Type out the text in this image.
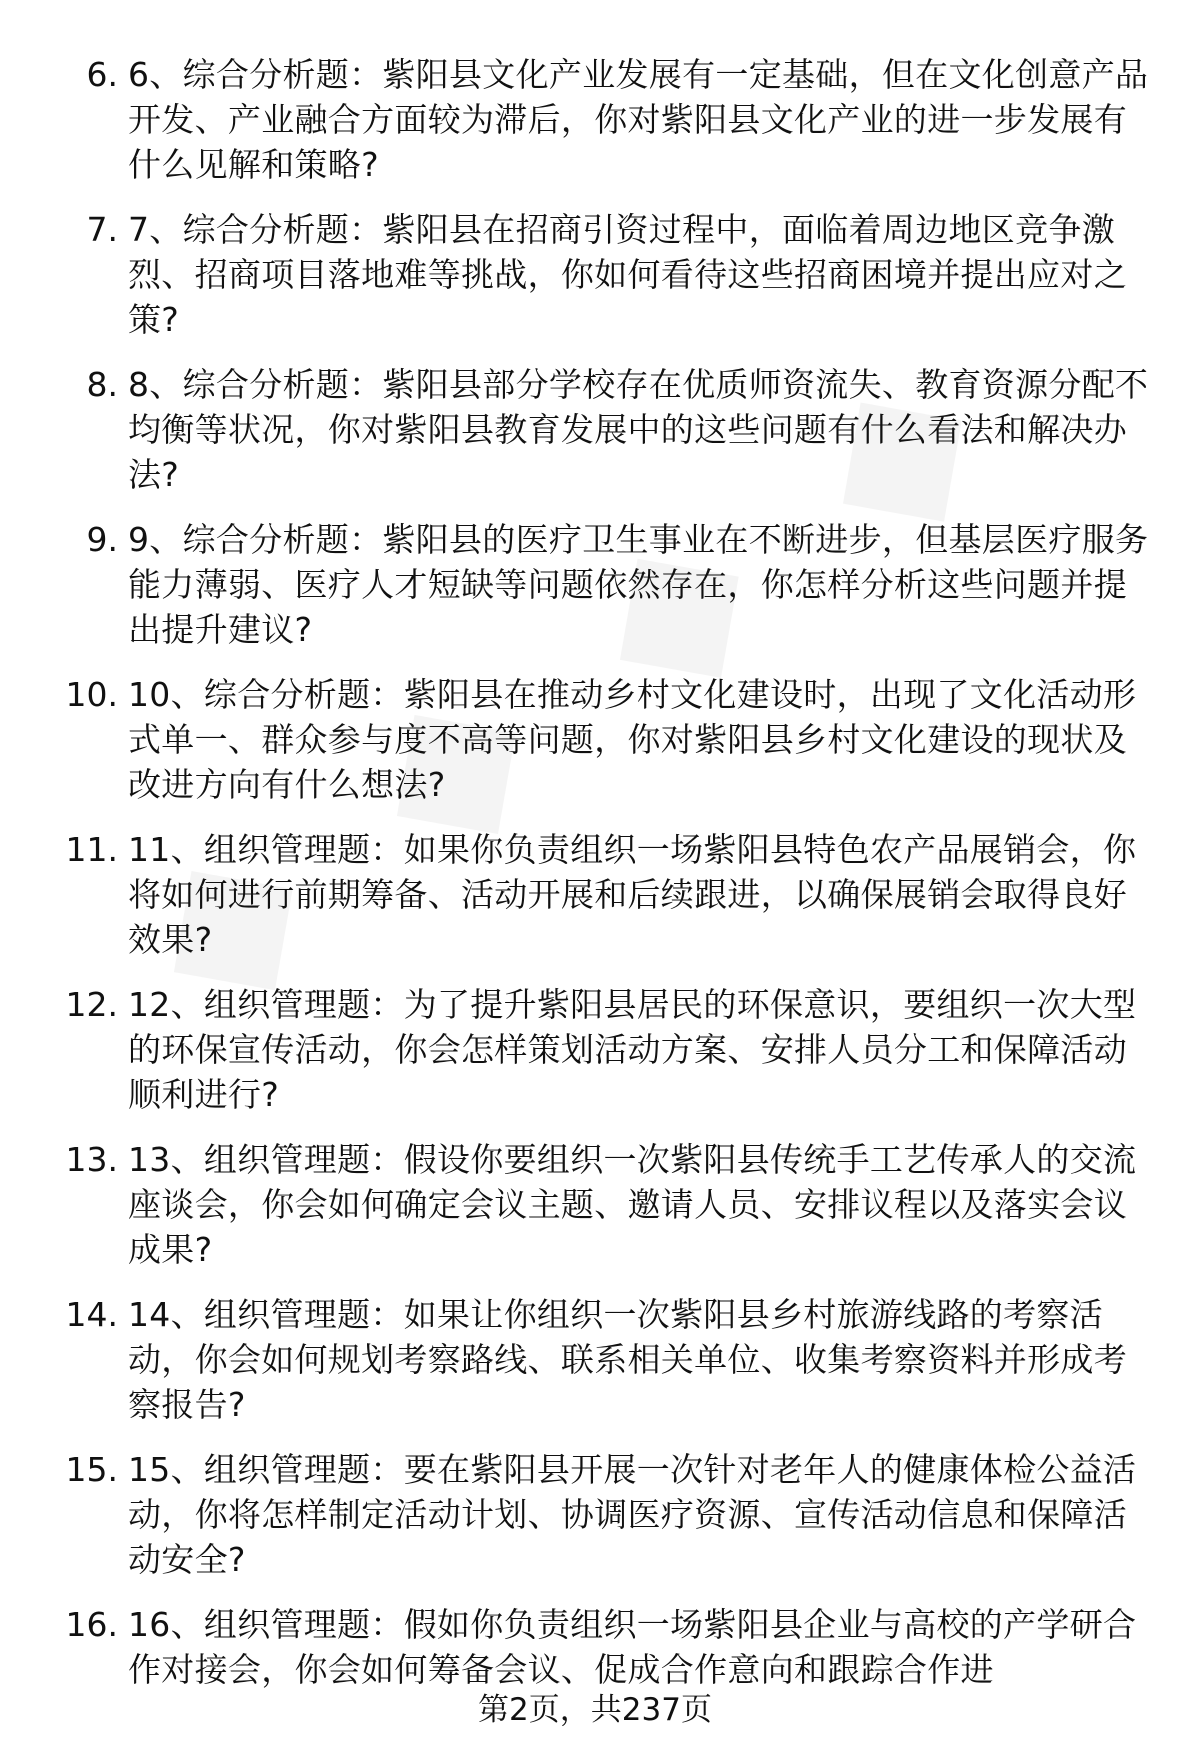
6. 6、综合分析题：紫阳县文化产业发展有一定基础，但在文化创意产品开发、产业融合方面较为滞后，你对紫阳县文化产业的进一步发展有什么见解和策略?
7. 7、综合分析题：紫阳县在招商引资过程中，面临着周边地区竞争激烈、招商项目落地难等挑战，你如何看待这些招商困境并提出应对之策?
8. 8、综合分析题：紫阳县部分学校存在优质师资流失、教育资源分配不均衡等状况，你对紫阳县教育发展中的这些问题有什么看法和解决办法?
9. 9、综合分析题：紫阳县的医疗卫生事业在不断进步，但基层医疗服务能力薄弱、医疗人才短缺等问题依然存在，你怎样分析这些问题并提出提升建议?
10. 10、综合分析题：紫阳县在推动乡村文化建设时，出现了文化活动形式单一、群众参与度不高等问题，你对紫阳县乡村文化建设的现状及改进方向有什么想法?
11. 11、组织管理题：如果你负责组织一场紫阳县特色农产品展销会，你将如何进行前期筹备、活动开展和后续跟进，以确保展销会取得良好效果?
12. 12、组织管理题：为了提升紫阳县居民的环保意识，要组织一次大型的环保宣传活动，你会怎样策划活动方案、安排人员分工和保障活动顺利进行?
13. 13、组织管理题：假设你要组织一次紫阳县传统手工艺传承人的交流座谈会，你会如何确定会议主题、邀请人员、安排议程以及落实会议成果?
14. 14、组织管理题：如果让你组织一次紫阳县乡村旅游线路的考察活动，你会如何规划考察路线、联系相关单位、收集考察资料并形成考察报告?
15. 15、组织管理题：要在紫阳县开展一次针对老年人的健康体检公益活动，你将怎样制定活动计划、协调医疗资源、宣传活动信息和保障活动安全?
16. 16、组织管理题：假如你负责组织一场紫阳县企业与高校的产学研合作对接会，你会如何筹备会议、促成合作意向和跟踪合作进
第2页，共237页
